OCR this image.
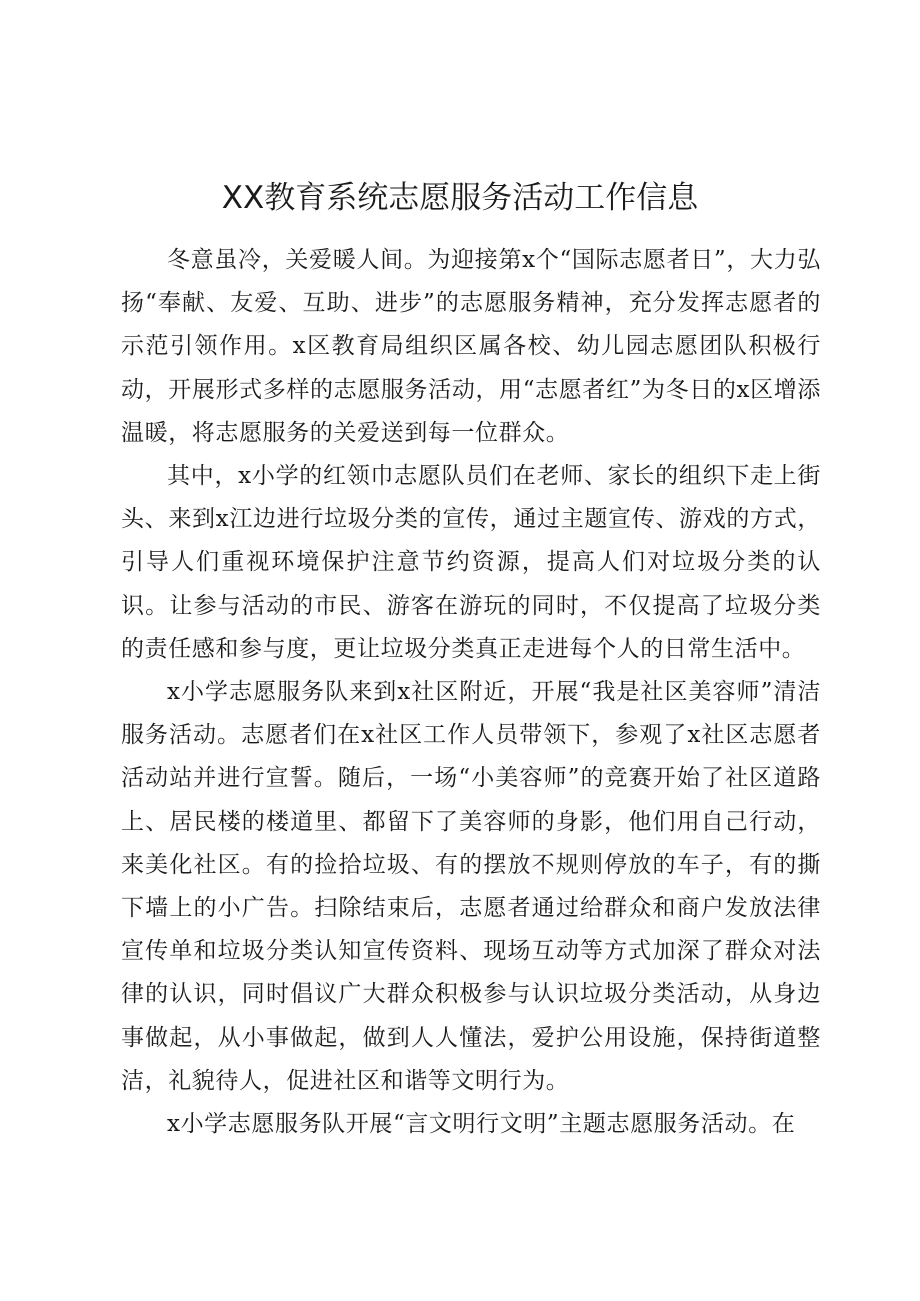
XX教育系统志愿服务活动工作信息

冬意虽冷，关爱暖人间。为迎接第x个“国际志愿者日”，大力弘扬“奉献、友爱、互助、进步”的志愿服务精神，充分发挥志愿者的示范引领作用。x区教育局组织区属各校、幼儿园志愿团队积极行动，开展形式多样的志愿服务活动，用“志愿者红”为冬日的x区增添温暖，将志愿服务的关爱送到每一位群众。

其中，x小学的红领巾志愿队员们在老师、家长的组织下走上街头、来到x江边进行垃圾分类的宣传，通过主题宣传、游戏的方式，引导人们重视环境保护注意节约资源，提高人们对垃圾分类的认识。让参与活动的市民、游客在游玩的同时，不仅提高了垃圾分类的责任感和参与度，更让垃圾分类真正走进每个人的日常生活中。

x小学志愿服务队来到x社区附近，开展“我是社区美容师”清洁服务活动。志愿者们在x社区工作人员带领下，参观了x社区志愿者活动站并进行宣誓。随后，一场“小美容师”的竞赛开始了社区道路上、居民楼的楼道里、都留下了美容师的身影，他们用自己行动，来美化社区。有的捡拾垃圾、有的摆放不规则停放的车子，有的撕下墙上的小广告。扫除结束后，志愿者通过给群众和商户发放法律宣传单和垃圾分类认知宣传资料、现场互动等方式加深了群众对法律的认识，同时倡议广大群众积极参与认识垃圾分类活动，从身边事做起，从小事做起，做到人人懂法，爱护公用设施，保持街道整洁，礼貌待人，促进社区和谐等文明行为。

x小学志愿服务队开展“言文明行文明”主题志愿服务活动。在
